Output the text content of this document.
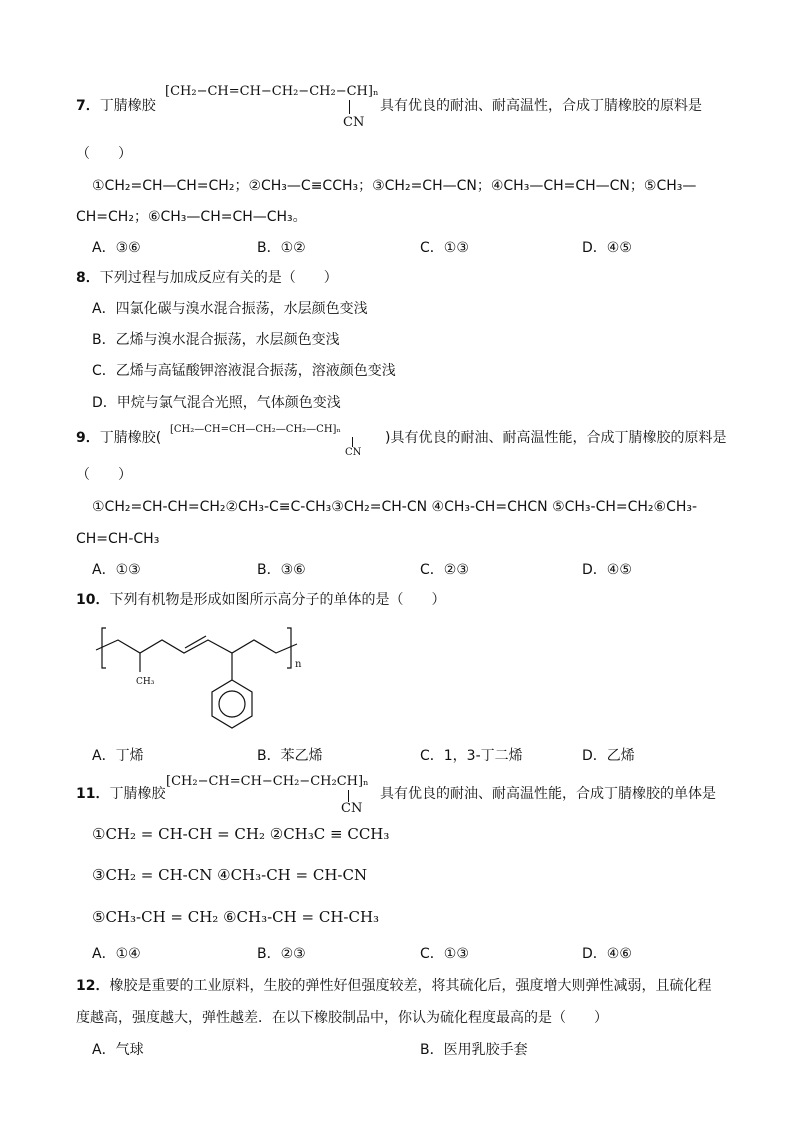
7．丁腈橡胶
[CH₂−CH=CH−CH₂−CH₂−CH]ₙ
CN
具有优良的耐油、耐高温性，合成丁腈橡胶的原料是
（　　）
①CH₂=CH—CH=CH₂；②CH₃—C≡CCH₃；③CH₂=CH—CN；④CH₃—CH=CH—CN；⑤CH₃—
CH=CH₂；⑥CH₃—CH=CH—CH₃。
A．③⑥	B．①②	C．①③	D．④⑤
8．下列过程与加成反应有关的是（　　）
A．四氯化碳与溴水混合振荡，水层颜色变浅
B．乙烯与溴水混合振荡，水层颜色变浅
C．乙烯与高锰酸钾溶液混合振荡，溶液颜色变浅
D．甲烷与氯气混合光照，气体颜色变浅
9．丁腈橡胶(
[CH₂—CH=CH—CH₂—CH₂—CH]ₙ
CN
)具有优良的耐油、耐高温性能，合成丁腈橡胶的原料是
（　　）
①CH₂=CH-CH=CH₂②CH₃-C≡C-CH₃③CH₂=CH-CN ④CH₃-CH=CHCN ⑤CH₃-CH=CH₂⑥CH₃-
CH=CH-CH₃
A．①③	B．③⑥	C．②③	D．④⑤
10．下列有机物是形成如图所示高分子的单体的是（　　）
CH₃
n
A．丁烯	B．苯乙烯	C．1，3-丁二烯	D．乙烯
11．丁腈橡胶
[CH₂−CH=CH−CH₂−CH₂CH]ₙ
CN
具有优良的耐油、耐高温性能，合成丁腈橡胶的单体是
①CH₂ = CH-CH = CH₂ ②CH₃C ≡ CCH₃
③CH₂ = CH-CN ④CH₃-CH = CH-CN
⑤CH₃-CH = CH₂ ⑥CH₃-CH = CH-CH₃
A．①④	B．②③	C．①③	D．④⑥
12．橡胶是重要的工业原料，生胶的弹性好但强度较差，将其硫化后，强度增大则弹性减弱，且硫化程
度越高，强度越大，弹性越差．在以下橡胶制品中，你认为硫化程度最高的是（　　）
A．气球	B．医用乳胶手套
